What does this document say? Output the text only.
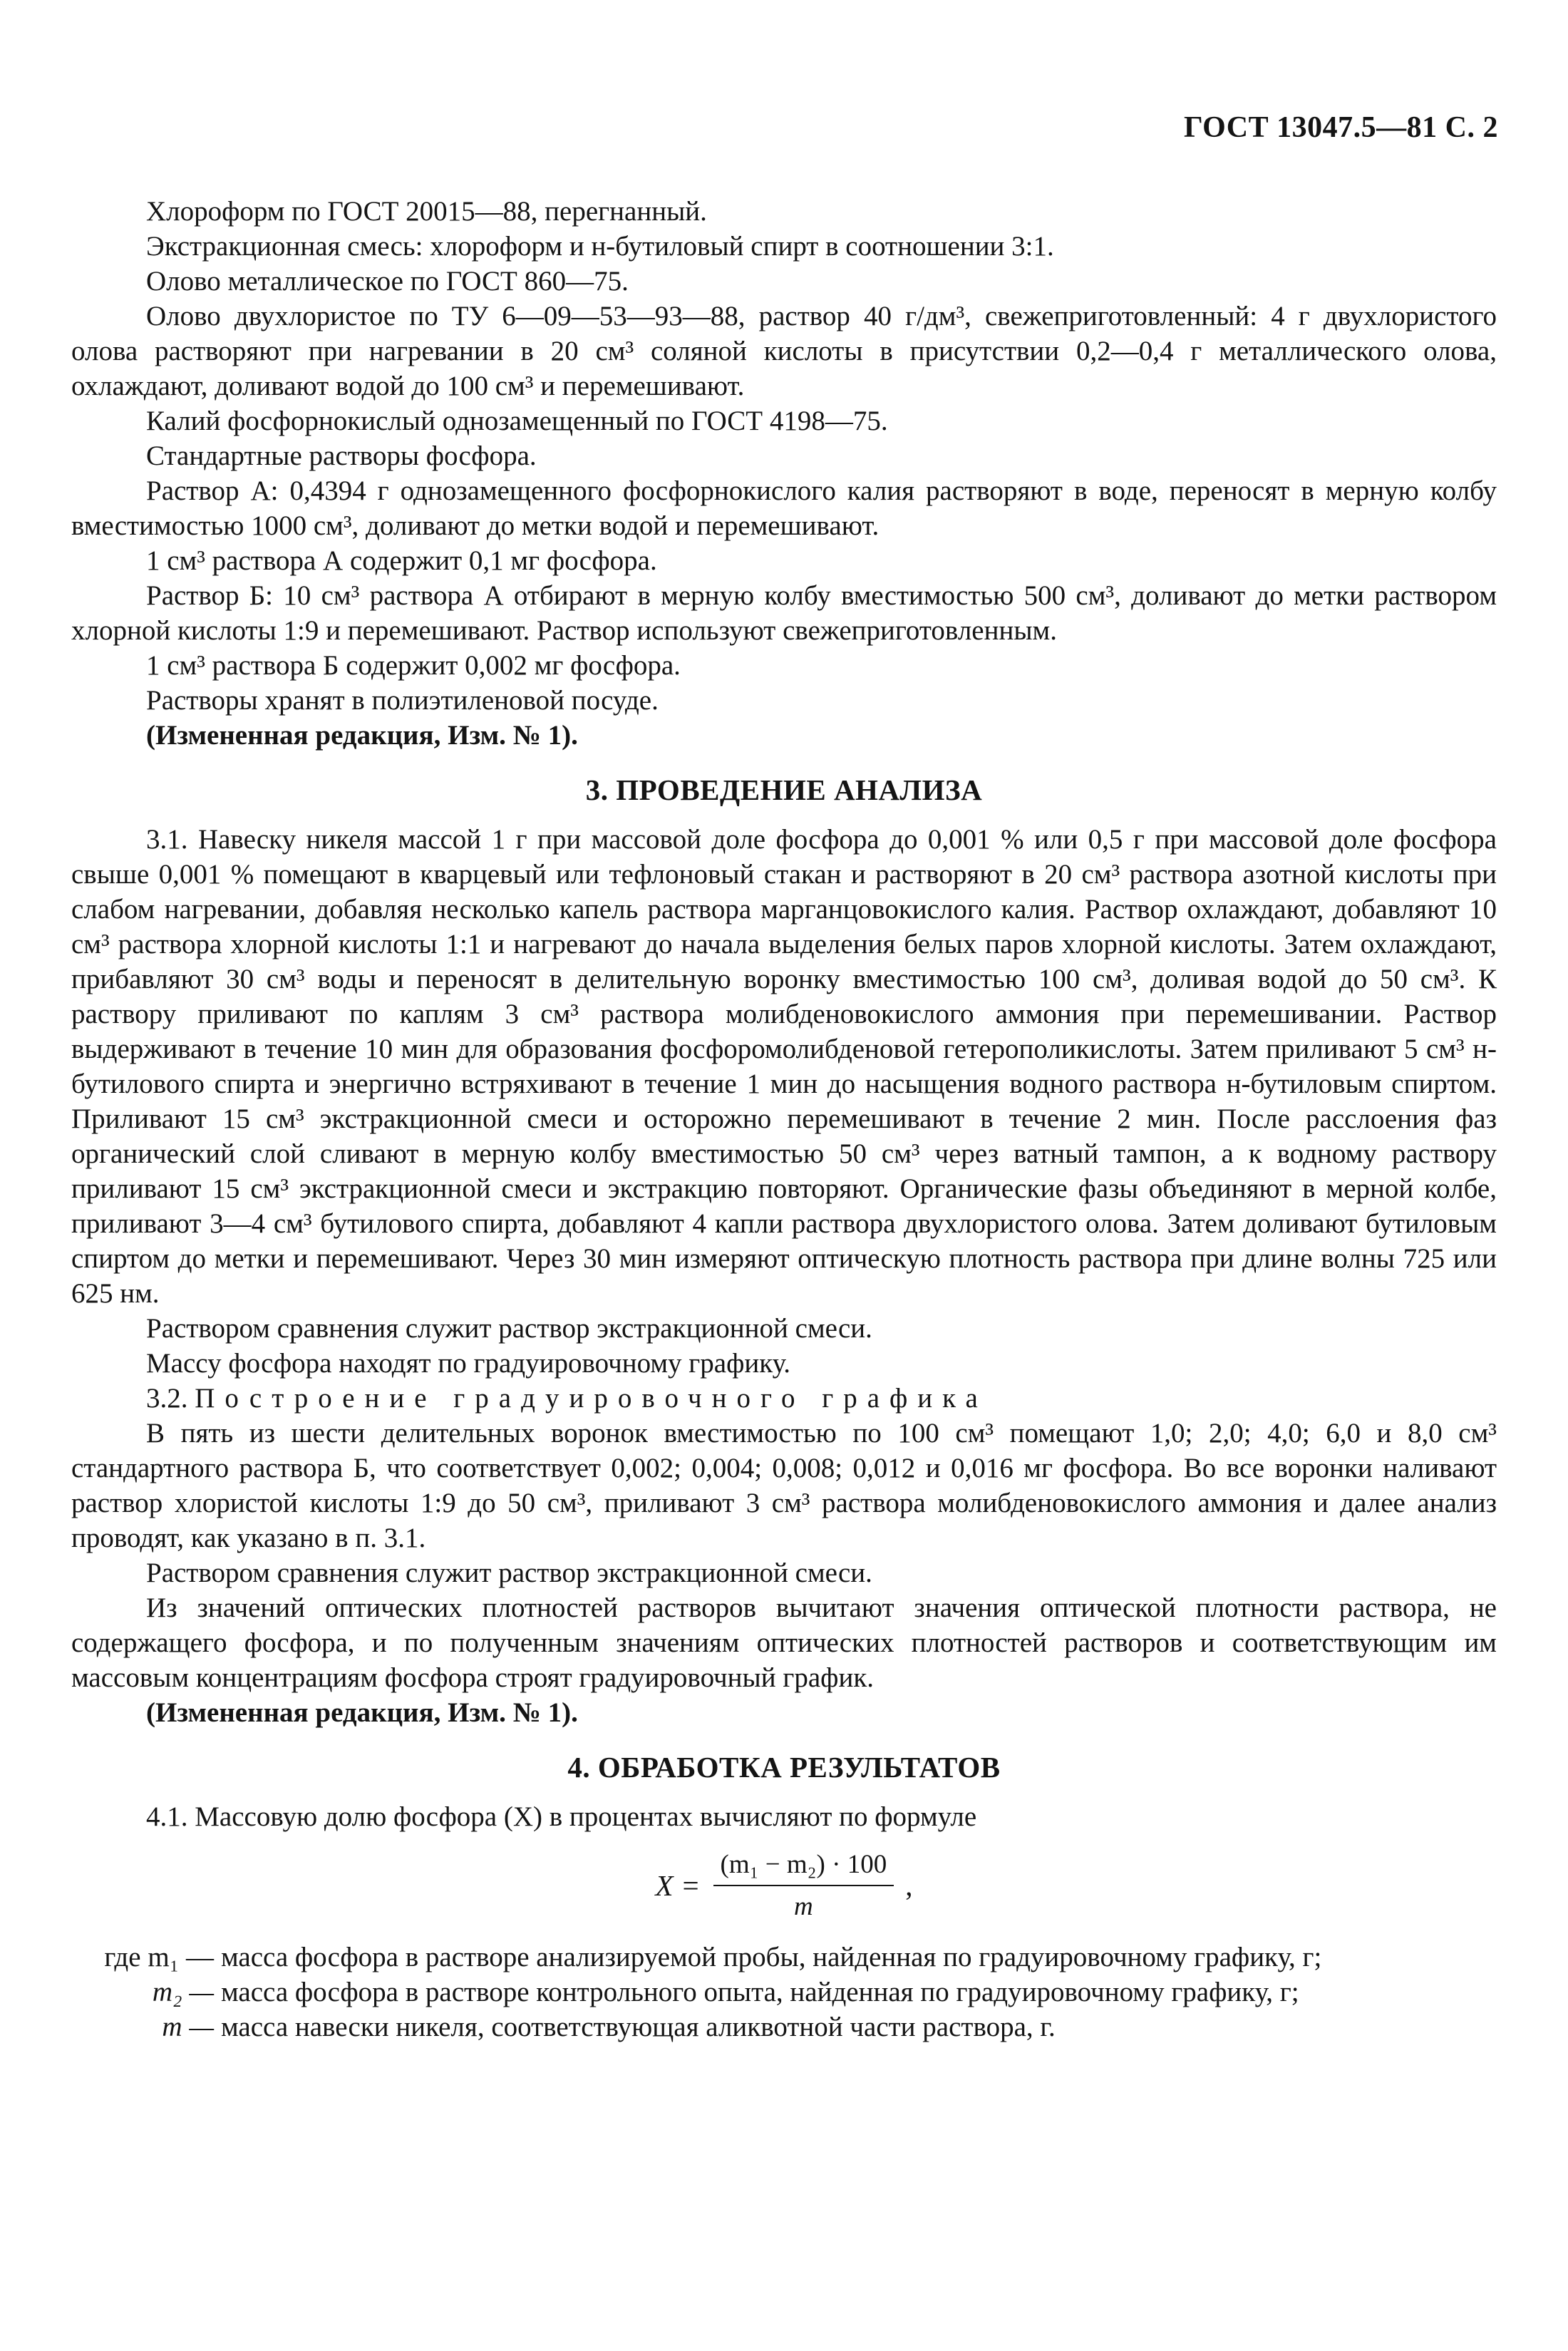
ГОСТ 13047.5—81 С. 2

Хлороформ по ГОСТ 20015—88, перегнанный.

Экстракционная смесь: хлороформ и н-бутиловый спирт в соотношении 3:1.

Олово металлическое по ГОСТ 860—75.

Олово двухлористое по ТУ 6—09—53—93—88, раствор 40 г/дм³, свежеприготовленный: 4 г двухлористого олова растворяют при нагревании в 20 см³ соляной кислоты в присутствии 0,2—0,4 г металлического олова, охлаждают, доливают водой до 100 см³ и перемешивают.

Калий фосфорнокислый однозамещенный по ГОСТ 4198—75.

Стандартные растворы фосфора.

Раствор А: 0,4394 г однозамещенного фосфорнокислого калия растворяют в воде, переносят в мерную колбу вместимостью 1000 см³, доливают до метки водой и перемешивают.

1 см³ раствора А содержит 0,1 мг фосфора.

Раствор Б: 10 см³ раствора А отбирают в мерную колбу вместимостью 500 см³, доливают до метки раствором хлорной кислоты 1:9 и перемешивают. Раствор используют свежеприготовленным.

1 см³ раствора Б содержит 0,002 мг фосфора.

Растворы хранят в полиэтиленовой посуде.

(Измененная редакция, Изм. № 1).

3. ПРОВЕДЕНИЕ АНАЛИЗА

3.1. Навеску никеля массой 1 г при массовой доле фосфора до 0,001 % или 0,5 г при массовой доле фосфора свыше 0,001 % помещают в кварцевый или тефлоновый стакан и растворяют в 20 см³ раствора азотной кислоты при слабом нагревании, добавляя несколько капель раствора марганцовокислого калия. Раствор охлаждают, добавляют 10 см³ раствора хлорной кислоты 1:1 и нагревают до начала выделения белых паров хлорной кислоты. Затем охлаждают, прибавляют 30 см³ воды и переносят в делительную воронку вместимостью 100 см³, доливая водой до 50 см³. К раствору приливают по каплям 3 см³ раствора молибденовокислого аммония при перемешивании. Раствор выдерживают в течение 10 мин для образования фосфоромолибденовой гетерополикислоты. Затем приливают 5 см³ н-бутилового спирта и энергично встряхивают в течение 1 мин до насыщения водного раствора н-бутиловым спиртом. Приливают 15 см³ экстракционной смеси и осторожно перемешивают в течение 2 мин. После расслоения фаз органический слой сливают в мерную колбу вместимостью 50 см³ через ватный тампон, а к водному раствору приливают 15 см³ экстракционной смеси и экстракцию повторяют. Органические фазы объединяют в мерной колбе, приливают 3—4 см³ бутилового спирта, добавляют 4 капли раствора двухлористого олова. Затем доливают бутиловым спиртом до метки и перемешивают. Через 30 мин измеряют оптическую плотность раствора при длине волны 725 или 625 нм.

Раствором сравнения служит раствор экстракционной смеси.

Массу фосфора находят по градуировочному графику.

3.2. Построение градуировочного графика

В пять из шести делительных воронок вместимостью по 100 см³ помещают 1,0; 2,0; 4,0; 6,0 и 8,0 см³ стандартного раствора Б, что соответствует 0,002; 0,004; 0,008; 0,012 и 0,016 мг фосфора. Во все воронки наливают раствор хлористой кислоты 1:9 до 50 см³, приливают 3 см³ раствора молибденовокислого аммония и далее анализ проводят, как указано в п. 3.1.

Раствором сравнения служит раствор экстракционной смеси.

Из значений оптических плотностей растворов вычитают значения оптической плотности раствора, не содержащего фосфора, и по полученным значениям оптических плотностей растворов и соответствующим им массовым концентрациям фосфора строят градуировочный график.

(Измененная редакция, Изм. № 1).

4. ОБРАБОТКА РЕЗУЛЬТАТОВ

4.1. Массовую долю фосфора (X) в процентах вычисляют по формуле

$X = \frac{\text{(m₁ − m₂) · 100}}{m}$ ,
где m₁ —	масса фосфора в растворе анализируемой пробы, найденная по градуировочному графику, г;
m₂ —	масса фосфора в растворе контрольного опыта, найденная по градуировочному графику, г;
m —	масса навески никеля, соответствующая аликвотной части раствора, г.
